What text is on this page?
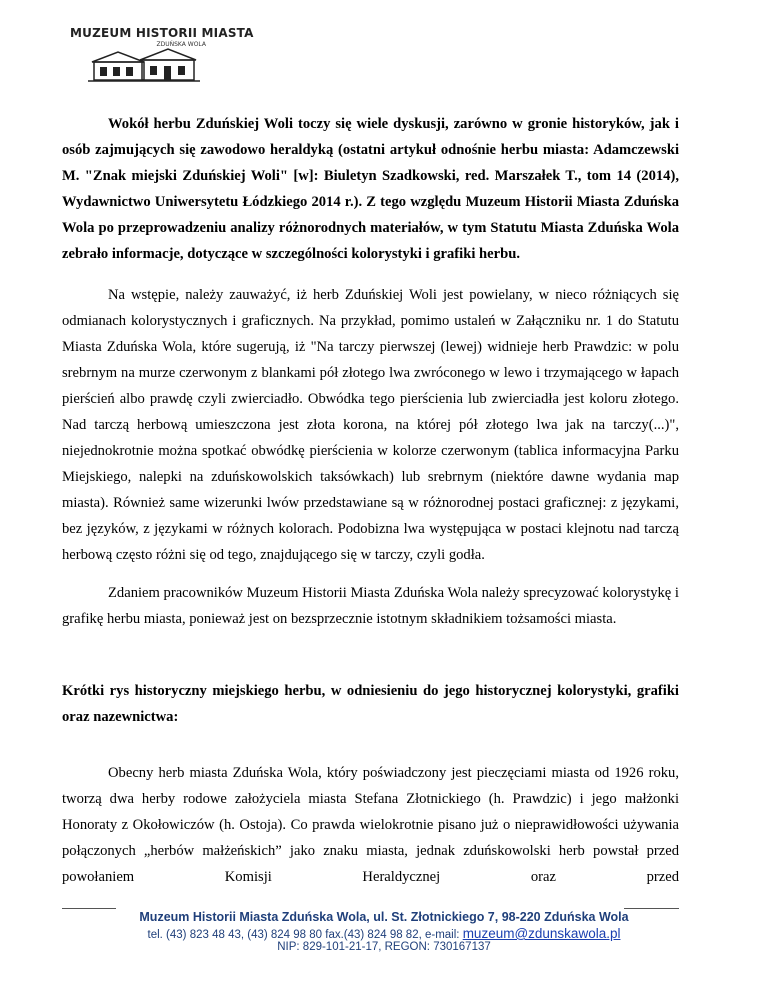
MUZEUM HISTORII MIASTA
ZDUŃSKA WOLA

Wokół herbu Zduńskiej Woli toczy się wiele dyskusji, zarówno w gronie historyków, jak i osób zajmujących się zawodowo heraldyką (ostatni artykuł odnośnie herbu miasta: Adamczewski M. "Znak miejski Zduńskiej Woli" [w]: Biuletyn Szadkowski, red. Marszałek T., tom 14 (2014), Wydawnictwo Uniwersytetu Łódzkiego 2014 r.). Z tego względu Muzeum Historii Miasta Zduńska Wola po przeprowadzeniu analizy różnorodnych materiałów, w tym Statutu Miasta Zduńska Wola zebrało informacje, dotyczące w szczególności kolorystyki i grafiki herbu.

Na wstępie, należy zauważyć, iż herb Zduńskiej Woli jest powielany, w nieco różniących się odmianach kolorystycznych i graficznych. Na przykład, pomimo ustaleń w Załączniku nr. 1 do Statutu Miasta Zduńska Wola, które sugerują, iż "Na tarczy pierwszej (lewej) widnieje herb Prawdzic: w polu srebrnym na murze czerwonym z blankami pół złotego lwa zwróconego w lewo i trzymającego w łapach pierścień albo prawdę czyli zwierciadło. Obwódka tego pierścienia lub zwierciadła jest koloru złotego. Nad tarczą herbową umieszczona jest złota korona, na której pół złotego lwa jak na tarczy(...)", niejednokrotnie można spotkać obwódkę pierścienia w kolorze czerwonym (tablica informacyjna Parku Miejskiego, nalepki na zduńskowolskich taksówkach) lub srebrnym (niektóre dawne wydania map miasta). Również same wizerunki lwów przedstawiane są w różnorodnej postaci graficznej: z językami, bez języków, z językami w różnych kolorach. Podobizna lwa występująca w postaci klejnotu nad tarczą herbową często różni się od tego, znajdującego się w tarczy, czyli godła.

Zdaniem pracowników Muzeum Historii Miasta Zduńska Wola należy sprecyzować kolorystykę i grafikę herbu miasta, ponieważ jest on bezsprzecznie istotnym składnikiem tożsamości miasta.

Krótki rys historyczny miejskiego herbu, w odniesieniu do jego historycznej kolorystyki, grafiki oraz nazewnictwa:

Obecny herb miasta Zduńska Wola, który poświadczony jest pieczęciami miasta od 1926 roku, tworzą dwa herby rodowe założyciela miasta Stefana Złotnickiego (h. Prawdzic) i jego małżonki Honoraty z Okołowiczów (h. Ostoja). Co prawda wielokrotnie pisano już o nieprawidłowości używania połączonych „herbów małżeńskich” jako znaku miasta, jednak zduńskowolski herb powstał przed powołaniem Komisji Heraldycznej oraz przed

Muzeum Historii Miasta Zduńska Wola, ul. St. Złotnickiego 7, 98-220 Zduńska Wola
tel. (43) 823 48 43, (43) 824 98 80 fax.(43) 824 98 82, e-mail: muzeum@zdunskawola.pl
NIP: 829-101-21-17, REGON: 730167137
